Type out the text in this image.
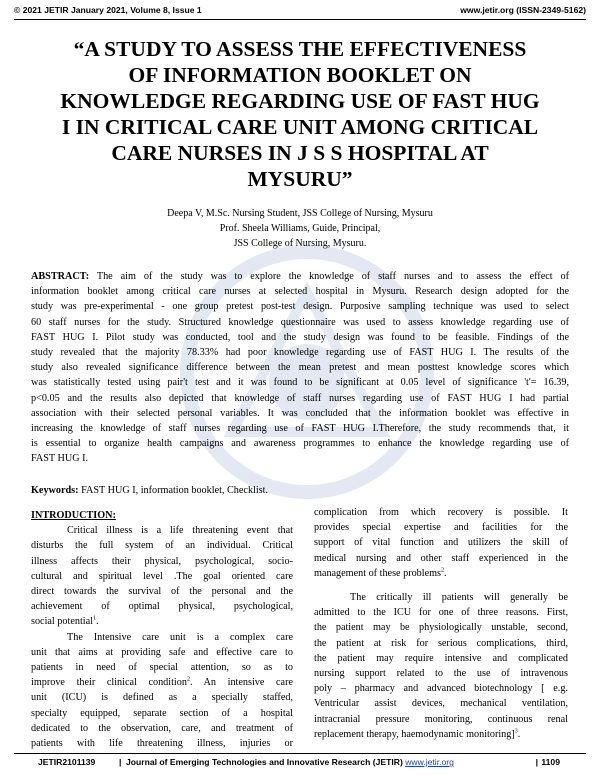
© 2021 JETIR January 2021, Volume 8, Issue 1	www.jetir.org (ISSN-2349-5162)
“A STUDY TO ASSESS THE EFFECTIVENESS
OF INFORMATION BOOKLET ON
KNOWLEDGE REGARDING USE OF FAST HUG
I IN CRITICAL CARE UNIT AMONG CRITICAL
CARE NURSES IN J S S HOSPITAL AT
MYSURU”
Deepa V, M.Sc. Nursing Student, JSS College of Nursing, Mysuru
Prof. Sheela Williams, Guide, Principal,
JSS College of Nursing, Mysuru.
ABSTRACT: The aim of the study was to explore the knowledge of staff nurses and to assess the effect of
information booklet among critical care nurses at selected hospital in Mysuru. Research design adopted for the
study was pre-experimental - one group pretest post-test design. Purposive sampling technique was used to select
60 staff nurses for the study. Structured knowledge questionnaire was used to assess knowledge regarding use of
FAST HUG I. Pilot study was conducted, tool and the study design was found to be feasible. Findings of the
study revealed that the majority 78.33% had poor knowledge regarding use of FAST HUG I. The results of the
study also revealed significance difference between the mean pretest and mean posttest knowledge scores which
was statistically tested using pair't test and it was found to be significant at 0.05 level of significance 't'= 16.39,
p<0.05 and the results also depicted that knowledge of staff nurses regarding use of FAST HUG I had partial
association with their selected personal variables. It was concluded that the information booklet was effective in
increasing the knowledge of staff nurses regarding use of FAST HUG I.Therefore, the study recommends that, it
is essential to organize health campaigns and awareness programmes to enhance the knowledge regarding use of
FAST HUG I.
Keywords: FAST HUG I, information booklet, Checklist.
INTRODUCTION:
Critical illness is a life threatening event that
disturbs the full system of an individual. Critical
illness affects their physical, psychological, socio-
cultural and spiritual level .The goal oriented care
direct towards the survival of the personal and the
achievement of optimal physical, psychological,
social potential$^1$.
The Intensive care unit is a complex care
unit that aims at providing safe and effective care to
patients in need of special attention, so as to
improve their clinical condition$^2$. An intensive care
unit (ICU) is defined as a specially staffed,
specialty equipped, separate section of a hospital
dedicated to the observation, care, and treatment of
patients with life threatening illness, injuries or
complication from which recovery is possible. It
provides special expertise and facilities for the
support of vital function and utilizers the skill of
medical nursing and other staff experienced in the
management of these problems$^2$.
The critically ill patients will generally be
admitted to the ICU for one of three reasons. First,
the patient may be physiologically unstable, second,
the patient at risk for serious complications, third,
the patient may require intensive and complicated
nursing support related to the use of intravenous
poly – pharmacy and advanced biotechnology [ e.g.
Ventricular assist devices, mechanical ventilation,
intracranial pressure monitoring, continuous renal
replacement therapy, haemodynamic monitoring]$^3$.
JETIR2101139	| Journal of Emerging Technologies and Innovative Research (JETIR) www.jetir.org	| 1109
